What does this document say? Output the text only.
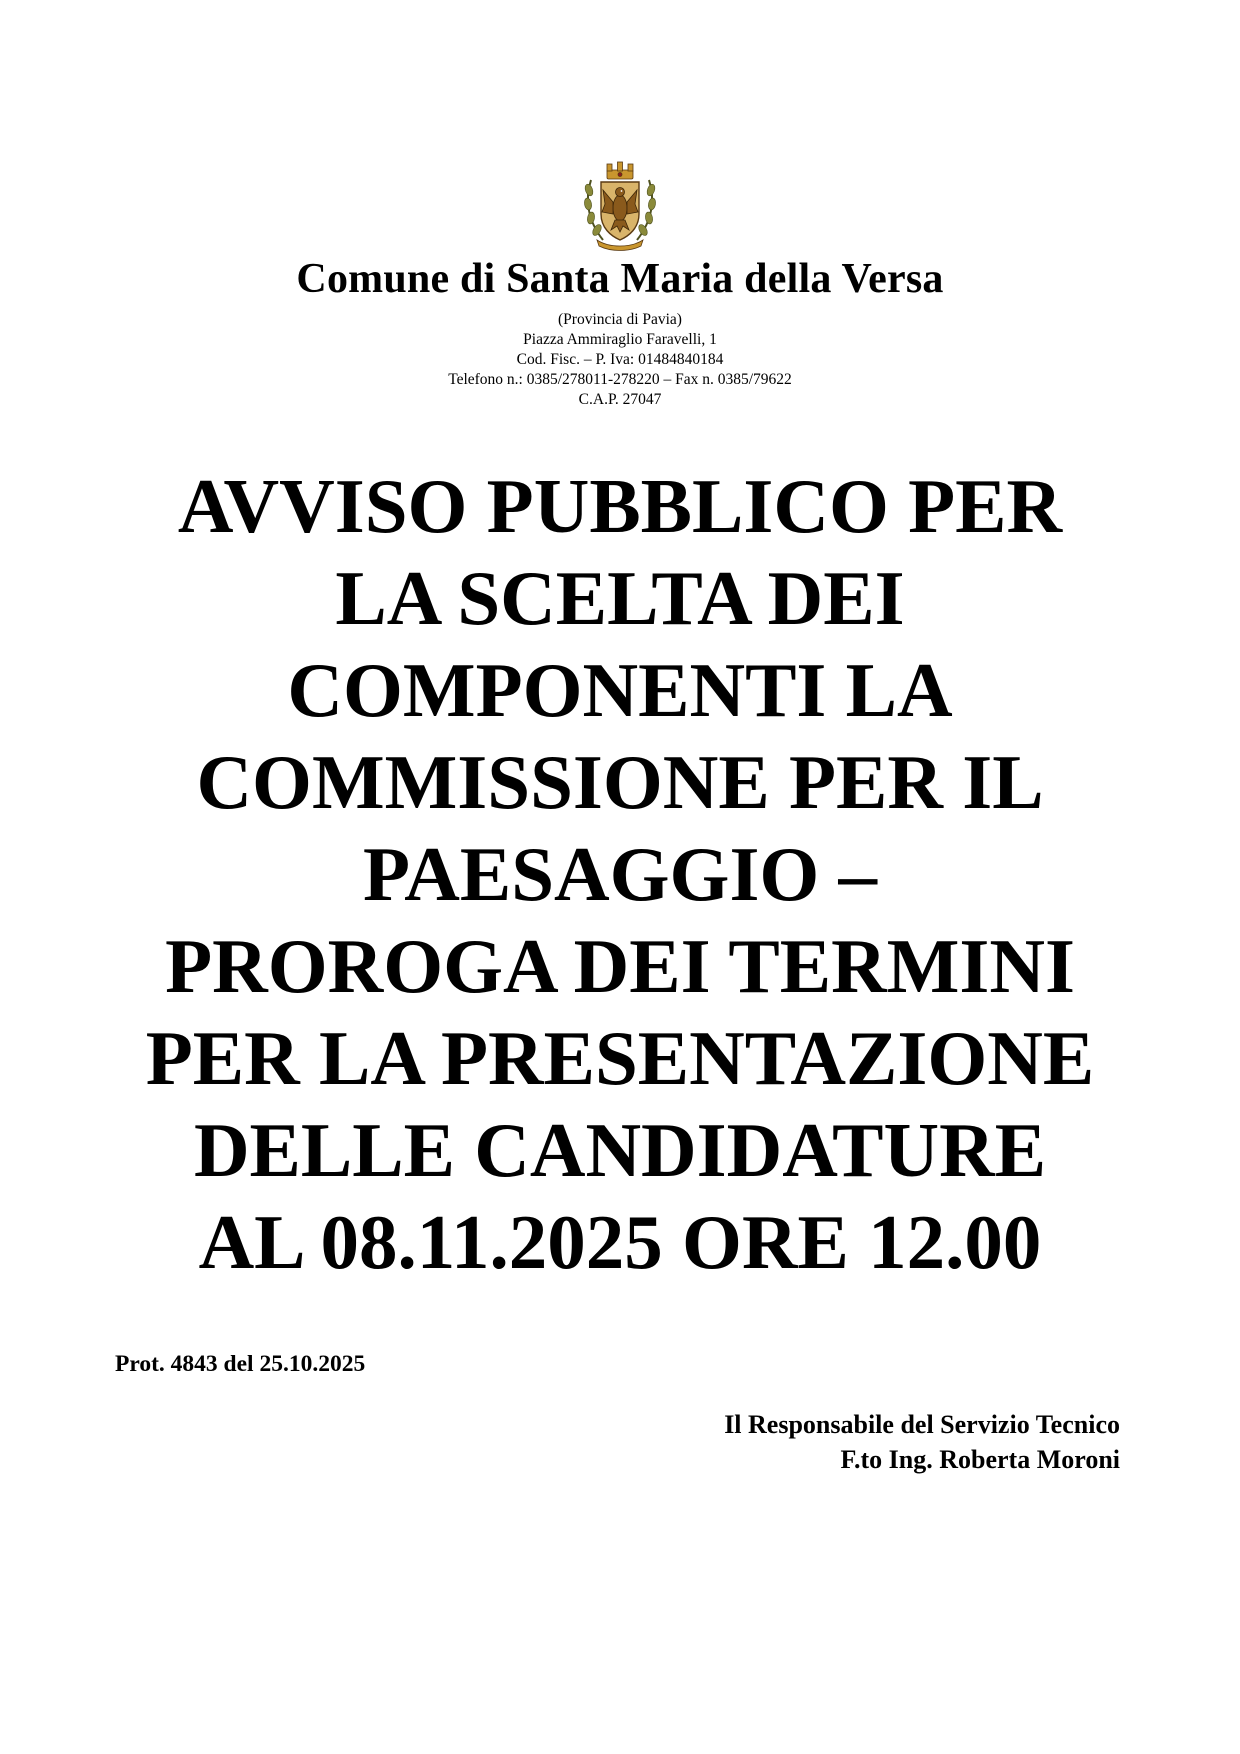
Comune di Santa Maria della Versa
(Provincia di Pavia)
Piazza Ammiraglio Faravelli, 1
Cod. Fisc. – P. Iva: 01484840184
Telefono n.: 0385/278011-278220 – Fax n. 0385/79622
C.A.P. 27047
AVVISO PUBBLICO PER
LA SCELTA DEI
COMPONENTI LA
COMMISSIONE PER IL
PAESAGGIO –
PROROGA DEI TERMINI
PER LA PRESENTAZIONE
DELLE CANDIDATURE
AL 08.11.2025 ORE 12.00
Prot. 4843 del 25.10.2025
Il Responsabile del Servizio Tecnico
F.to Ing. Roberta Moroni
